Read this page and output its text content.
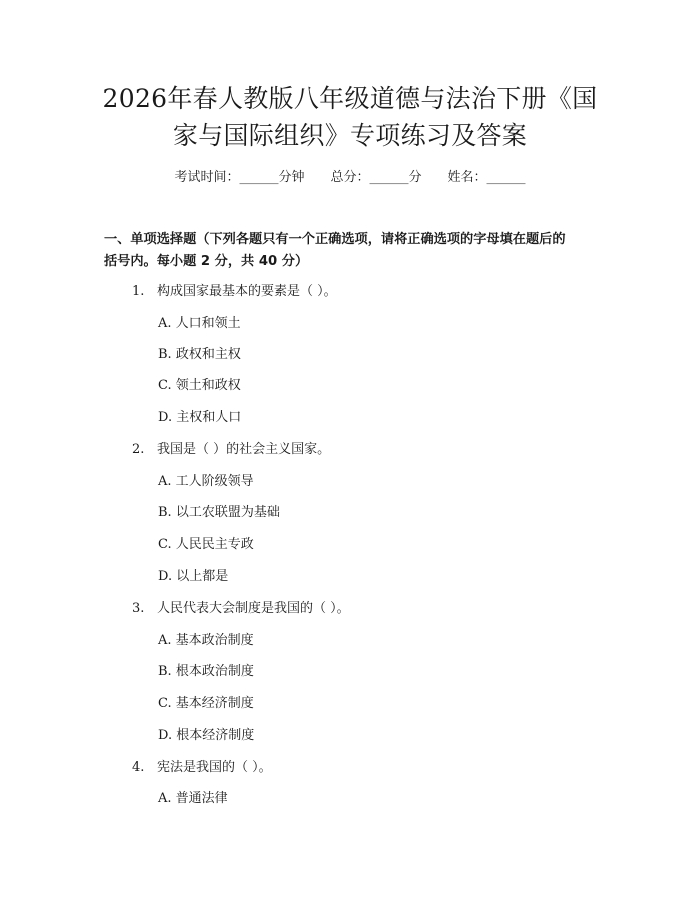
2026年春人教版八年级道德与法治下册《国
家与国际组织》专项练习及答案
考试时间：______分钟 总分：______分 姓名：______
一、单项选择题（下列各题只有一个正确选项，请将正确选项的字母填在题后的
括号内。每小题 2 分，共 40 分）
1. 构成国家最基本的要素是（ ）。
A. 人口和领土
B. 政权和主权
C. 领土和政权
D. 主权和人口
2. 我国是（ ）的社会主义国家。
A. 工人阶级领导
B. 以工农联盟为基础
C. 人民民主专政
D. 以上都是
3. 人民代表大会制度是我国的（ ）。
A. 基本政治制度
B. 根本政治制度
C. 基本经济制度
D. 根本经济制度
4. 宪法是我国的（ ）。
A. 普通法律
